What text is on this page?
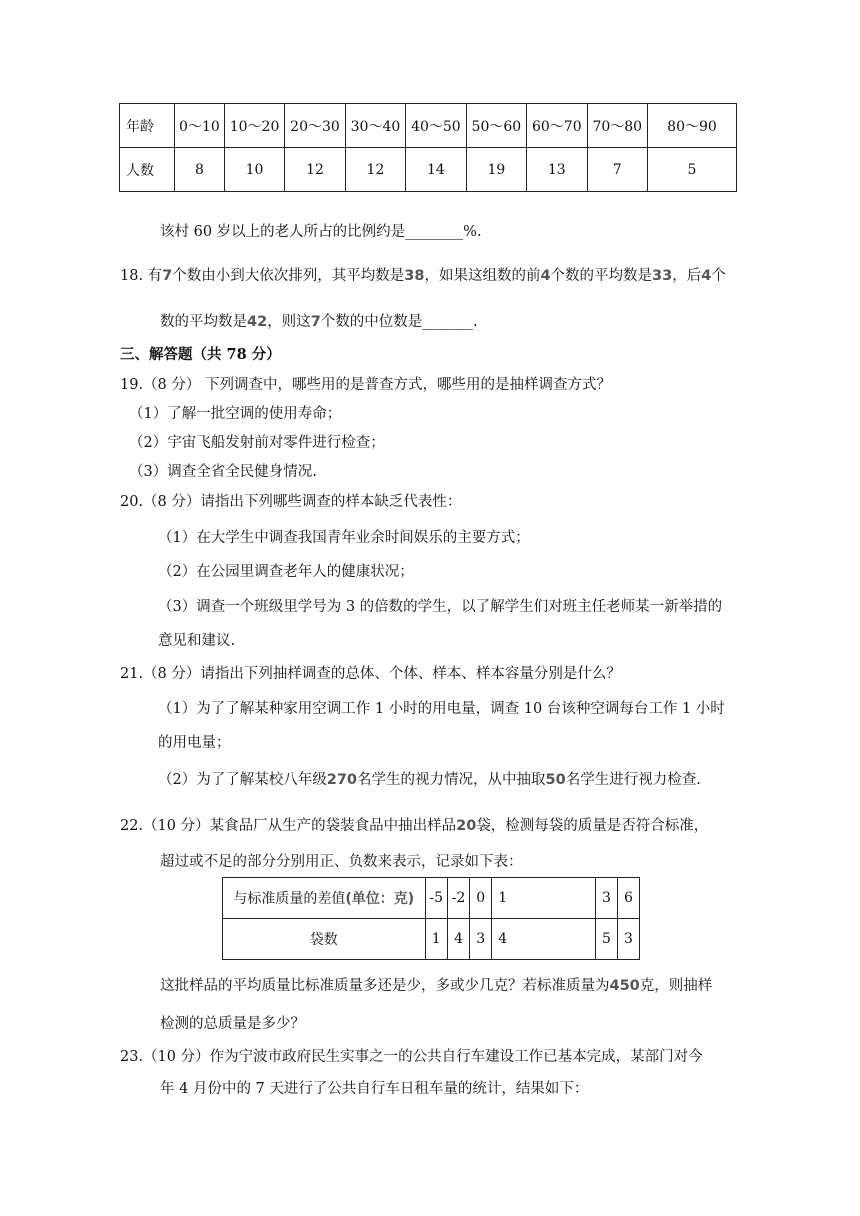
年龄	0～10	10～20	20～30	30～40	40～50	50～60	60～70	70～80	80～90
人数	8	10	12	12	14	19	13	7	5
该村 60 岁以上的老人所占的比例约是________%.
18. 有7个数由小到大依次排列，其平均数是38，如果这组数的前4个数的平均数是33，后4个
数的平均数是42，则这7个数的中位数是_______.
三、解答题（共 78 分）
19.（8 分） 下列调查中，哪些用的是普查方式，哪些用的是抽样调查方式？
（1）了解一批空调的使用寿命；
（2）宇宙飞船发射前对零件进行检查；
（3）调查全省全民健身情况.
20.（8 分）请指出下列哪些调查的样本缺乏代表性：
（1）在大学生中调查我国青年业余时间娱乐的主要方式；
（2）在公园里调查老年人的健康状况；
（3）调查一个班级里学号为 3 的倍数的学生，以了解学生们对班主任老师某一新举措的
意见和建议.
21.（8 分）请指出下列抽样调查的总体、个体、样本、样本容量分别是什么？
（1）为了了解某种家用空调工作 1 小时的用电量，调查 10 台该种空调每台工作 1 小时
的用电量；
（2）为了了解某校八年级270名学生的视力情况，从中抽取50名学生进行视力检查.
22.（10 分）某食品厂从生产的袋装食品中抽出样品20袋，检测每袋的质量是否符合标准，
超过或不足的部分分别用正、负数来表示，记录如下表：
与标准质量的差值(单位：克)	-5	-2	0	1	3	6
袋数	1	4	3	4	5	3
这批样品的平均质量比标准质量多还是少，多或少几克？若标准质量为450克，则抽样
检测的总质量是多少？
23.（10 分）作为宁波市政府民生实事之一的公共自行车建设工作已基本完成，某部门对今
年 4 月份中的 7 天进行了公共自行车日租车量的统计，结果如下：
